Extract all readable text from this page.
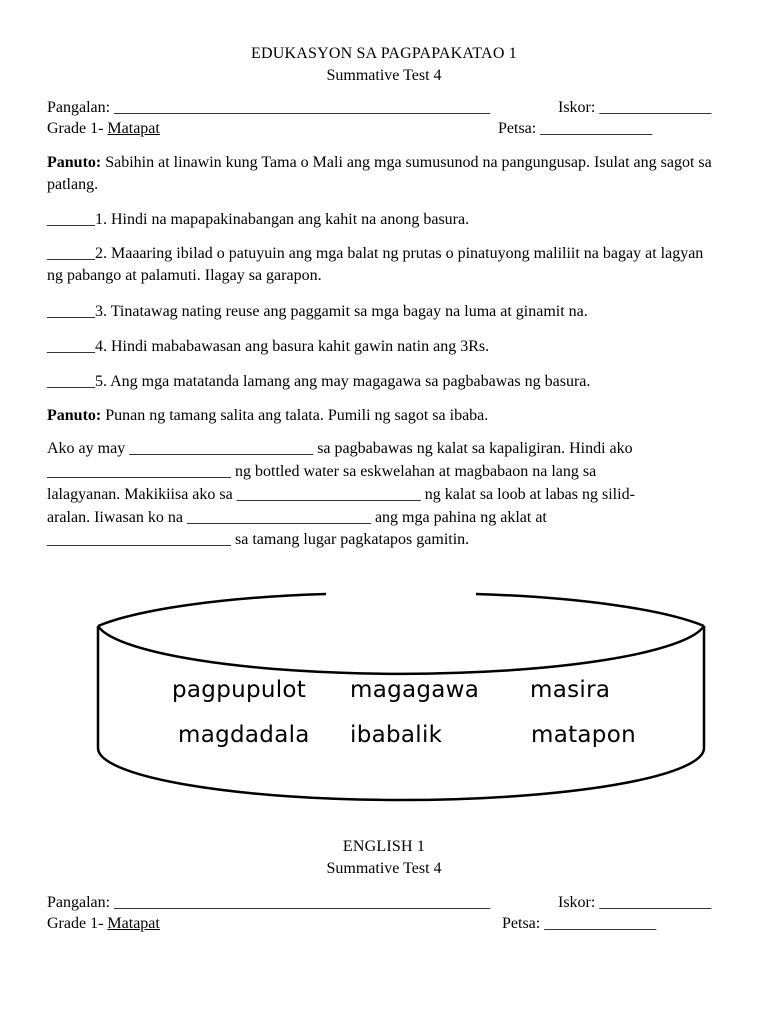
EDUKASYON SA PAGPAPAKATAO 1
Summative Test 4
Pangalan: _______________________________________________	Iskor: ______________
Grade 1- Matapat	Petsa: ______________
Panuto: Sabihin at linawin kung Tama o Mali ang mga sumusunod na pangungusap. Isulat ang sagot sa patlang.
______1. Hindi na mapapakinabangan ang kahit na anong basura.
______2. Maaaring ibilad o patuyuin ang mga balat ng prutas o pinatuyong maliliit na bagay at lagyan ng pabango at palamuti. Ilagay sa garapon.
______3. Tinatawag nating reuse ang paggamit sa mga bagay na luma at ginamit na.
______4. Hindi mababawasan ang basura kahit gawin natin ang 3Rs.
______5. Ang mga matatanda lamang ang may magagawa sa pagbabawas ng basura.
Panuto: Punan ng tamang salita ang talata. Pumili ng sagot sa ibaba.
Ako ay may _______________________ sa pagbabawas ng kalat sa kapaligiran. Hindi ako
_______________________ ng bottled water sa eskwelahan at magbabaon na lang sa
lalagyanan. Makikiisa ako sa _______________________ ng kalat sa loob at labas ng silid-
aralan. Iiwasan ko na _______________________ ang mga pahina ng aklat at
_______________________ sa tamang lugar pagkatapos gamitin.
pagpupulot magagawa masira
magdadala ibabalik	matapon
ENGLISH 1
Summative Test 4
Pangalan: _______________________________________________	Iskor: ______________
Grade 1- Matapat	Petsa: ______________
